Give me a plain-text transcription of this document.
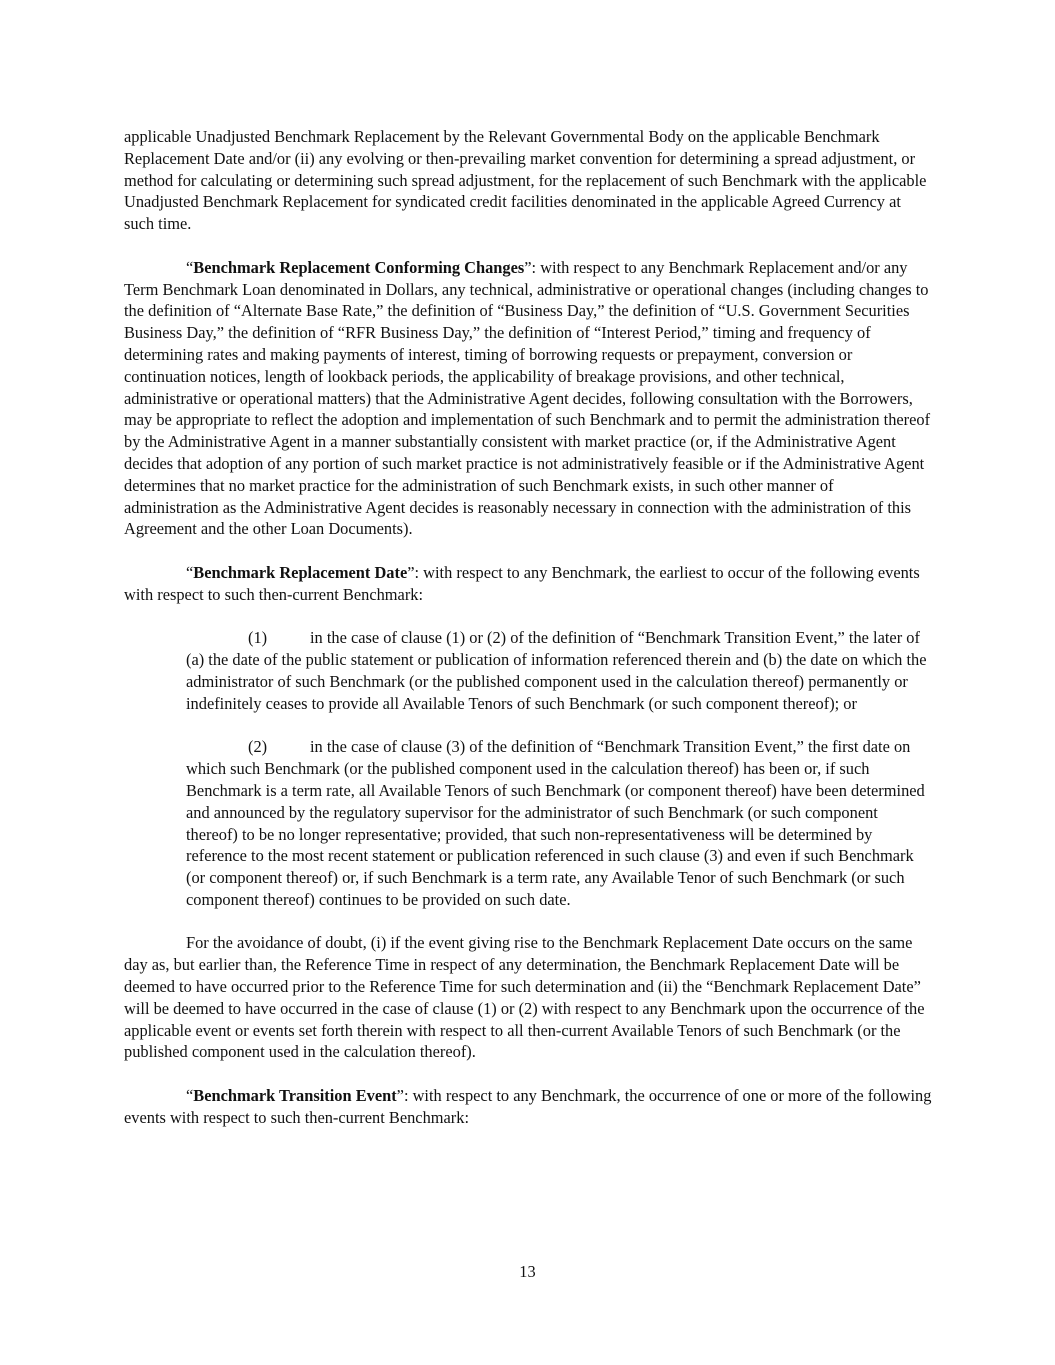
applicable Unadjusted Benchmark Replacement by the Relevant Governmental Body on the applicable Benchmark Replacement Date and/or (ii) any evolving or then-prevailing market convention for determining a spread adjustment, or method for calculating or determining such spread adjustment, for the replacement of such Benchmark with the applicable Unadjusted Benchmark Replacement for syndicated credit facilities denominated in the applicable Agreed Currency at such time.

“Benchmark Replacement Conforming Changes”: with respect to any Benchmark Replacement and/or any Term Benchmark Loan denominated in Dollars, any technical, administrative or operational changes (including changes to the definition of “Alternate Base Rate,” the definition of “Business Day,” the definition of “U.S. Government Securities Business Day,” the definition of “RFR Business Day,” the definition of “Interest Period,” timing and frequency of determining rates and making payments of interest, timing of borrowing requests or prepayment, conversion or continuation notices, length of lookback periods, the applicability of breakage provisions, and other technical, administrative or operational matters) that the Administrative Agent decides, following consultation with the Borrowers, may be appropriate to reflect the adoption and implementation of such Benchmark and to permit the administration thereof by the Administrative Agent in a manner substantially consistent with market practice (or, if the Administrative Agent decides that adoption of any portion of such market practice is not administratively feasible or if the Administrative Agent determines that no market practice for the administration of such Benchmark exists, in such other manner of administration as the Administrative Agent decides is reasonably necessary in connection with the administration of this Agreement and the other Loan Documents).

“Benchmark Replacement Date”: with respect to any Benchmark, the earliest to occur of the following events with respect to such then-current Benchmark:

(1)	in the case of clause (1) or (2) of the definition of “Benchmark Transition Event,” the later of (a) the date of the public statement or publication of information referenced therein and (b) the date on which the administrator of such Benchmark (or the published component used in the calculation thereof) permanently or indefinitely ceases to provide all Available Tenors of such Benchmark (or such component thereof); or

(2)	in the case of clause (3) of the definition of “Benchmark Transition Event,” the first date on which such Benchmark (or the published component used in the calculation thereof) has been or, if such Benchmark is a term rate, all Available Tenors of such Benchmark (or component thereof) have been determined and announced by the regulatory supervisor for the administrator of such Benchmark (or such component thereof) to be no longer representative; provided, that such non-representativeness will be determined by reference to the most recent statement or publication referenced in such clause (3) and even if such Benchmark (or component thereof) or, if such Benchmark is a term rate, any Available Tenor of such Benchmark (or such component thereof) continues to be provided on such date.

For the avoidance of doubt, (i) if the event giving rise to the Benchmark Replacement Date occurs on the same day as, but earlier than, the Reference Time in respect of any determination, the Benchmark Replacement Date will be deemed to have occurred prior to the Reference Time for such determination and (ii) the “Benchmark Replacement Date” will be deemed to have occurred in the case of clause (1) or (2) with respect to any Benchmark upon the occurrence of the applicable event or events set forth therein with respect to all then-current Available Tenors of such Benchmark (or the published component used in the calculation thereof).

“Benchmark Transition Event”: with respect to any Benchmark, the occurrence of one or more of the following events with respect to such then-current Benchmark:

13
